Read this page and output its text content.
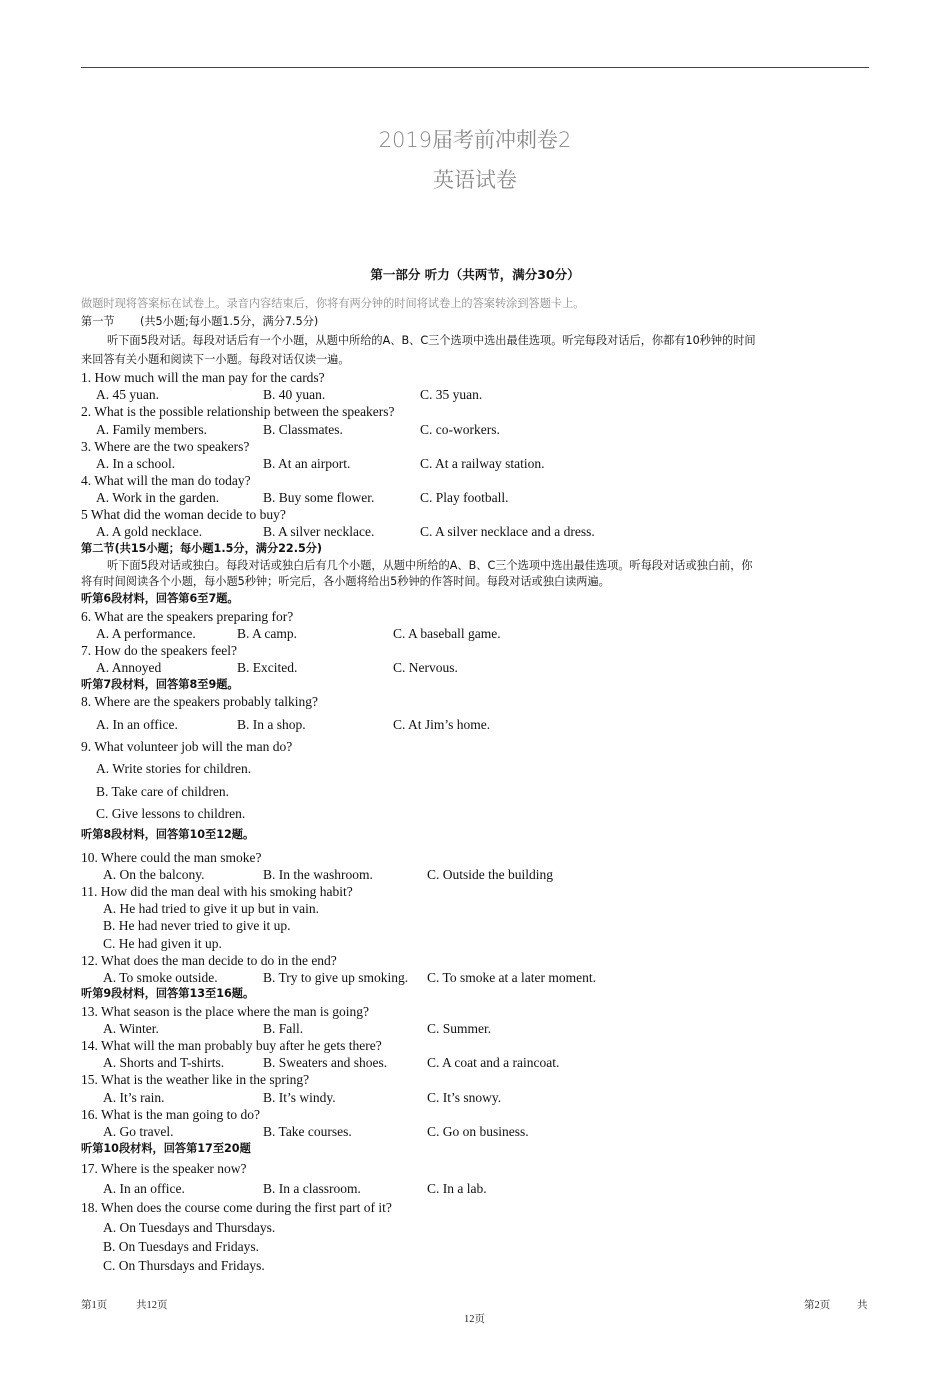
2019届考前冲刺卷2
英语试卷
第一部分 听力（共两节，满分30分）
做题时现将答案标在试卷上。录音内容结束后，你将有两分钟的时间将试卷上的答案转涂到答题卡上。
第一节 (共5小题;每小题1.5分，满分7.5分)
听下面5段对话。每段对话后有一个小题，从题中所给的A、B、C三个选项中选出最佳选项。听完每段对话后，你都有10秒钟的时间
来回答有关小题和阅读下一小题。每段对话仅读一遍。
1. How much will the man pay for the cards?
A. 45 yuan.	B. 40 yuan.	C. 35 yuan.
2. What is the possible relationship between the speakers?
A. Family members.	B. Classmates.	C. co-workers.
3. Where are the two speakers?
A. In a school.	B. At an airport.	C. At a railway station.
4. What will the man do today?
A. Work in the garden.	B. Buy some flower.	C. Play football.
5 What did the woman decide to buy?
A. A gold necklace.	B. A silver necklace.	C. A silver necklace and a dress.
第二节(共15小题；每小题1.5分，满分22.5分)
听下面5段对话或独白。每段对话或独白后有几个小题，从题中所给的A、B、C三个选项中选出最佳选项。听每段对话或独白前，你
将有时间阅读各个小题，每小题5秒钟；听完后，各小题将给出5秒钟的作答时间。每段对话或独白读两遍。
听第6段材料，回答第6至7题。
6. What are the speakers preparing for?
A. A performance.	B. A camp.	C. A baseball game.
7. How do the speakers feel?
A. Annoyed	B. Excited.	C. Nervous.
听第7段材料，回答第8至9题。
8. Where are the speakers probably talking?
A. In an office.	B. In a shop.	C. At Jim’s home.
9. What volunteer job will the man do?
A. Write stories for children.
B. Take care of children.
C. Give lessons to children.
听第8段材料，回答第10至12题。
10. Where could the man smoke?
A. On the balcony.	B. In the washroom.	C. Outside the building
11. How did the man deal with his smoking habit?
A. He had tried to give it up but in vain.
B. He had never tried to give it up.
C. He had given it up.
12. What does the man decide to do in the end?
A. To smoke outside.	B. Try to give up smoking. C. To smoke at a later moment.
听第9段材料，回答第13至16题。
13. What season is the place where the man is going?
A. Winter.	B. Fall.	C. Summer.
14. What will the man probably buy after he gets there?
A. Shorts and T-shirts.	B. Sweaters and shoes.	C. A coat and a raincoat.
15. What is the weather like in the spring?
A. It’s rain.	B. It’s windy.	C. It’s snowy.
16. What is the man going to do?
A. Go travel.	B. Take courses.	C. Go on business.
听第10段材料，回答第17至20题
17. Where is the speaker now?
A. In an office.	B. In a classroom.	C. In a lab.
18. When does the course come during the first part of it?
A. On Tuesdays and Thursdays.
B. On Tuesdays and Fridays.
C. On Thursdays and Fridays.
第1页	共12页	第2页	共
12页
